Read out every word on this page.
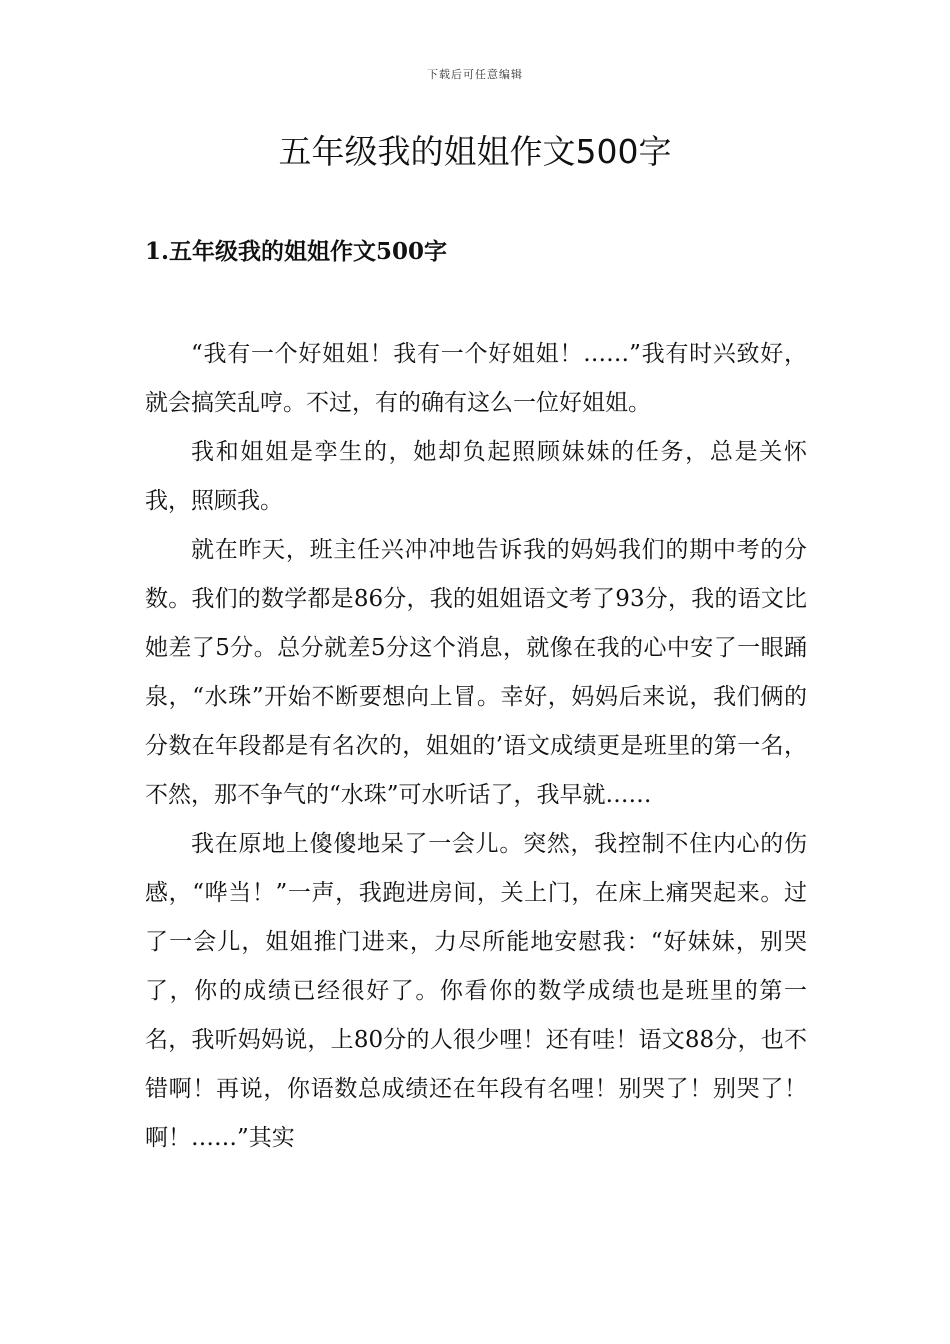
下载后可任意编辑
五年级我的姐姐作文500字
1.五年级我的姐姐作文500字

“我有一个好姐姐！我有一个好姐姐！……”我有时兴致好，就会搞笑乱哼。不过，有的确有这么一位好姐姐。

我和姐姐是孪生的，她却负起照顾妹妹的任务，总是关怀我，照顾我。

就在昨天，班主任兴冲冲地告诉我的妈妈我们的期中考的分数。我们的数学都是86分，我的姐姐语文考了93分，我的语文比她差了5分。总分就差5分这个消息，就像在我的心中安了一眼踊泉，“水珠”开始不断要想向上冒。幸好，妈妈后来说，我们俩的分数在年段都是有名次的，姐姐的’语文成绩更是班里的第一名，不然，那不争气的“水珠”可水听话了，我早就……

我在原地上傻傻地呆了一会儿。突然，我控制不住内心的伤感，“哗当！”一声，我跑进房间，关上门，在床上痛哭起来。过了一会儿，姐姐推门进来，力尽所能地安慰我：“好妹妹，别哭了，你的成绩已经很好了。你看你的数学成绩也是班里的第一名，我听妈妈说，上80分的人很少哩！还有哇！语文88分，也不错啊！再说，你语数总成绩还在年段有名哩！别哭了！别哭了！啊！……”其实
